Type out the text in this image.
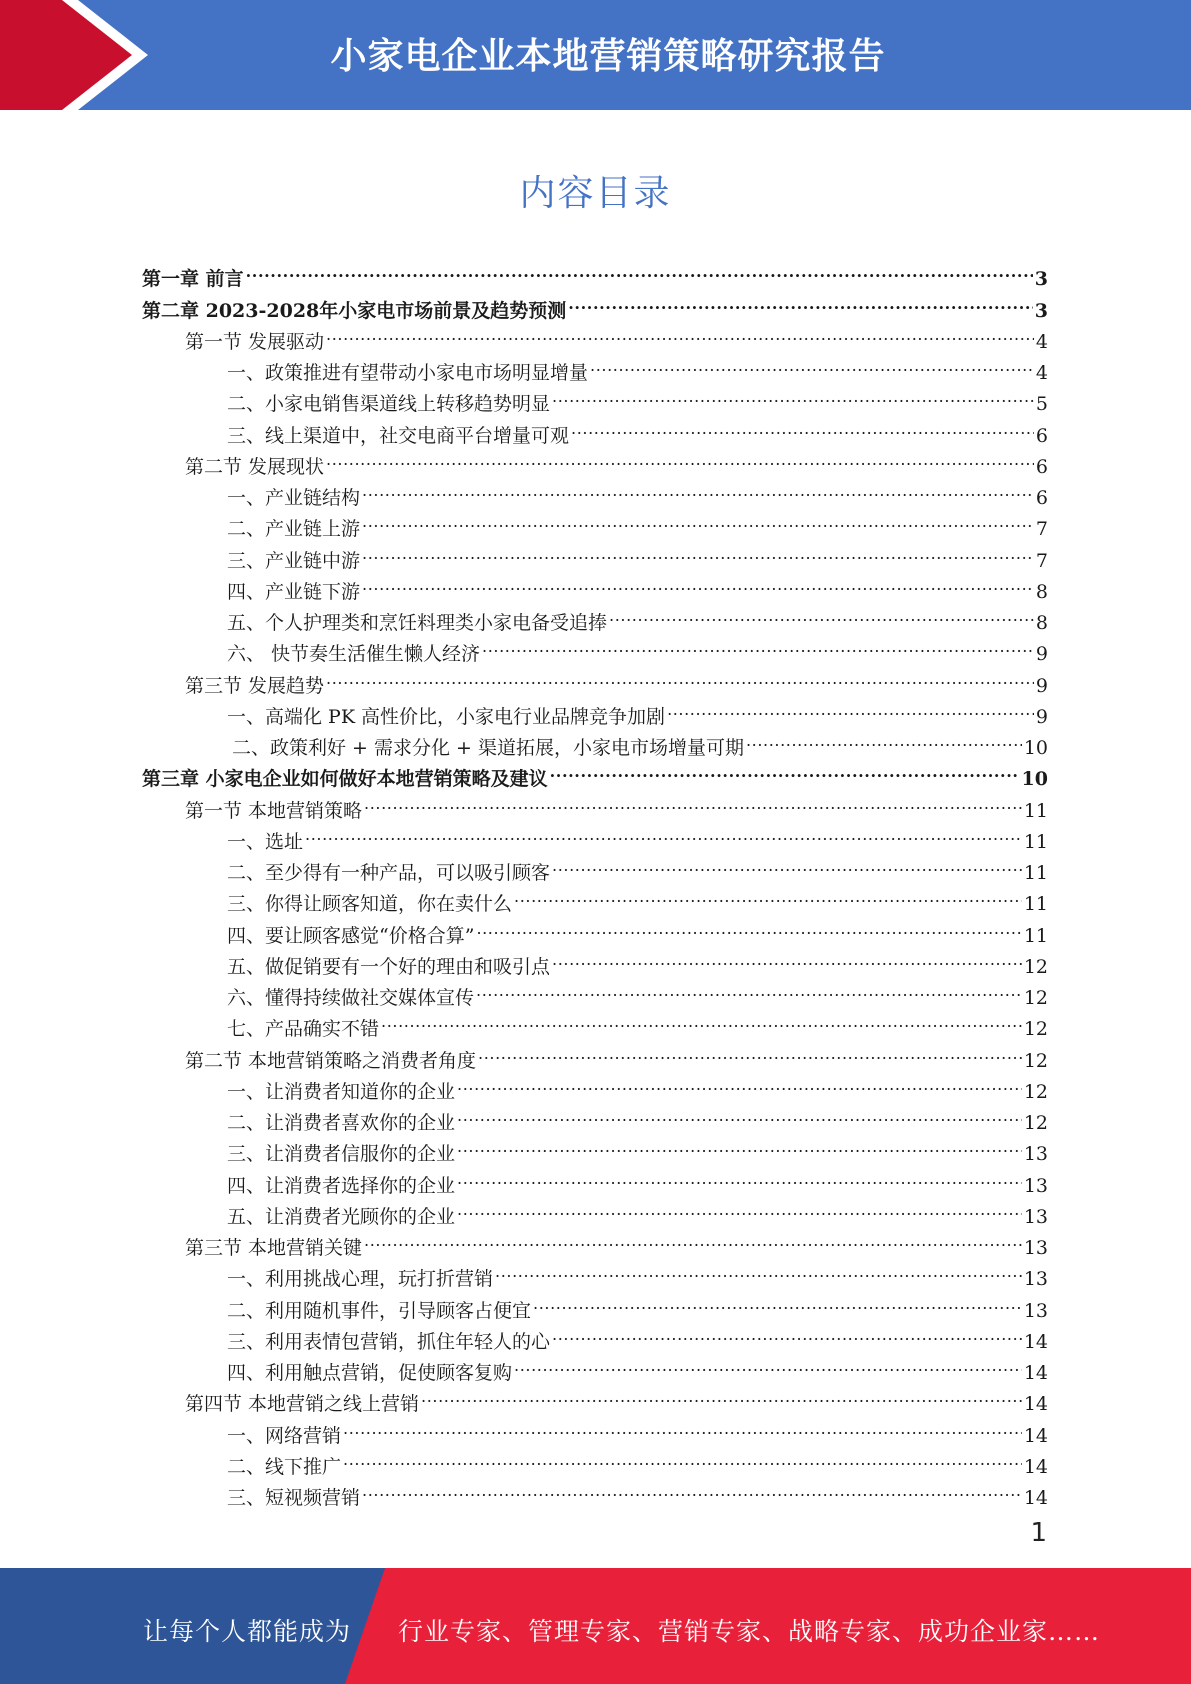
小家电企业本地营销策略研究报告
内容目录
第一章 前言 .....	3
第二章 2023-2028年小家电市场前景及趋势预测 .....	3
第一节 发展驱动 .....	4
一、政策推进有望带动小家电市场明显增量 .....	4
二、小家电销售渠道线上转移趋势明显 .....	5
三、线上渠道中，社交电商平台增量可观 .....	6
第二节 发展现状 .....	6
一、产业链结构 .....	6
二、产业链上游 .....	7
三、产业链中游 .....	7
四、产业链下游 .....	8
五、个人护理类和烹饪料理类小家电备受追捧 .....	8
六、 快节奏生活催生懒人经济 .....	9
第三节 发展趋势 .....	9
一、高端化 PK 高性价比，小家电行业品牌竞争加剧 .....	9
二、政策利好 + 需求分化 + 渠道拓展，小家电市场增量可期 .....	10
第三章 小家电企业如何做好本地营销策略及建议 .....	10
第一节 本地营销策略 .....	11
一、选址 .....	11
二、至少得有一种产品，可以吸引顾客 .....	11
三、你得让顾客知道，你在卖什么 .....	11
四、要让顾客感觉“价格合算” .....	11
五、做促销要有一个好的理由和吸引点 .....	12
六、懂得持续做社交媒体宣传 .....	12
七、产品确实不错 .....	12
第二节 本地营销策略之消费者角度 .....	12
一、让消费者知道你的企业 .....	12
二、让消费者喜欢你的企业 .....	12
三、让消费者信服你的企业 .....	13
四、让消费者选择你的企业 .....	13
五、让消费者光顾你的企业 .....	13
第三节 本地营销关键 .....	13
一、利用挑战心理，玩打折营销 .....	13
二、利用随机事件，引导顾客占便宜 .....	13
三、利用表情包营销，抓住年轻人的心 .....	14
四、利用触点营销，促使顾客复购 .....	14
第四节 本地营销之线上营销 .....	14
一、网络营销 .....	14
二、线下推广 .....	14
三、短视频营销 .....	14
1
让每个人都能成为 行业专家、管理专家、营销专家、战略专家、成功企业家……
